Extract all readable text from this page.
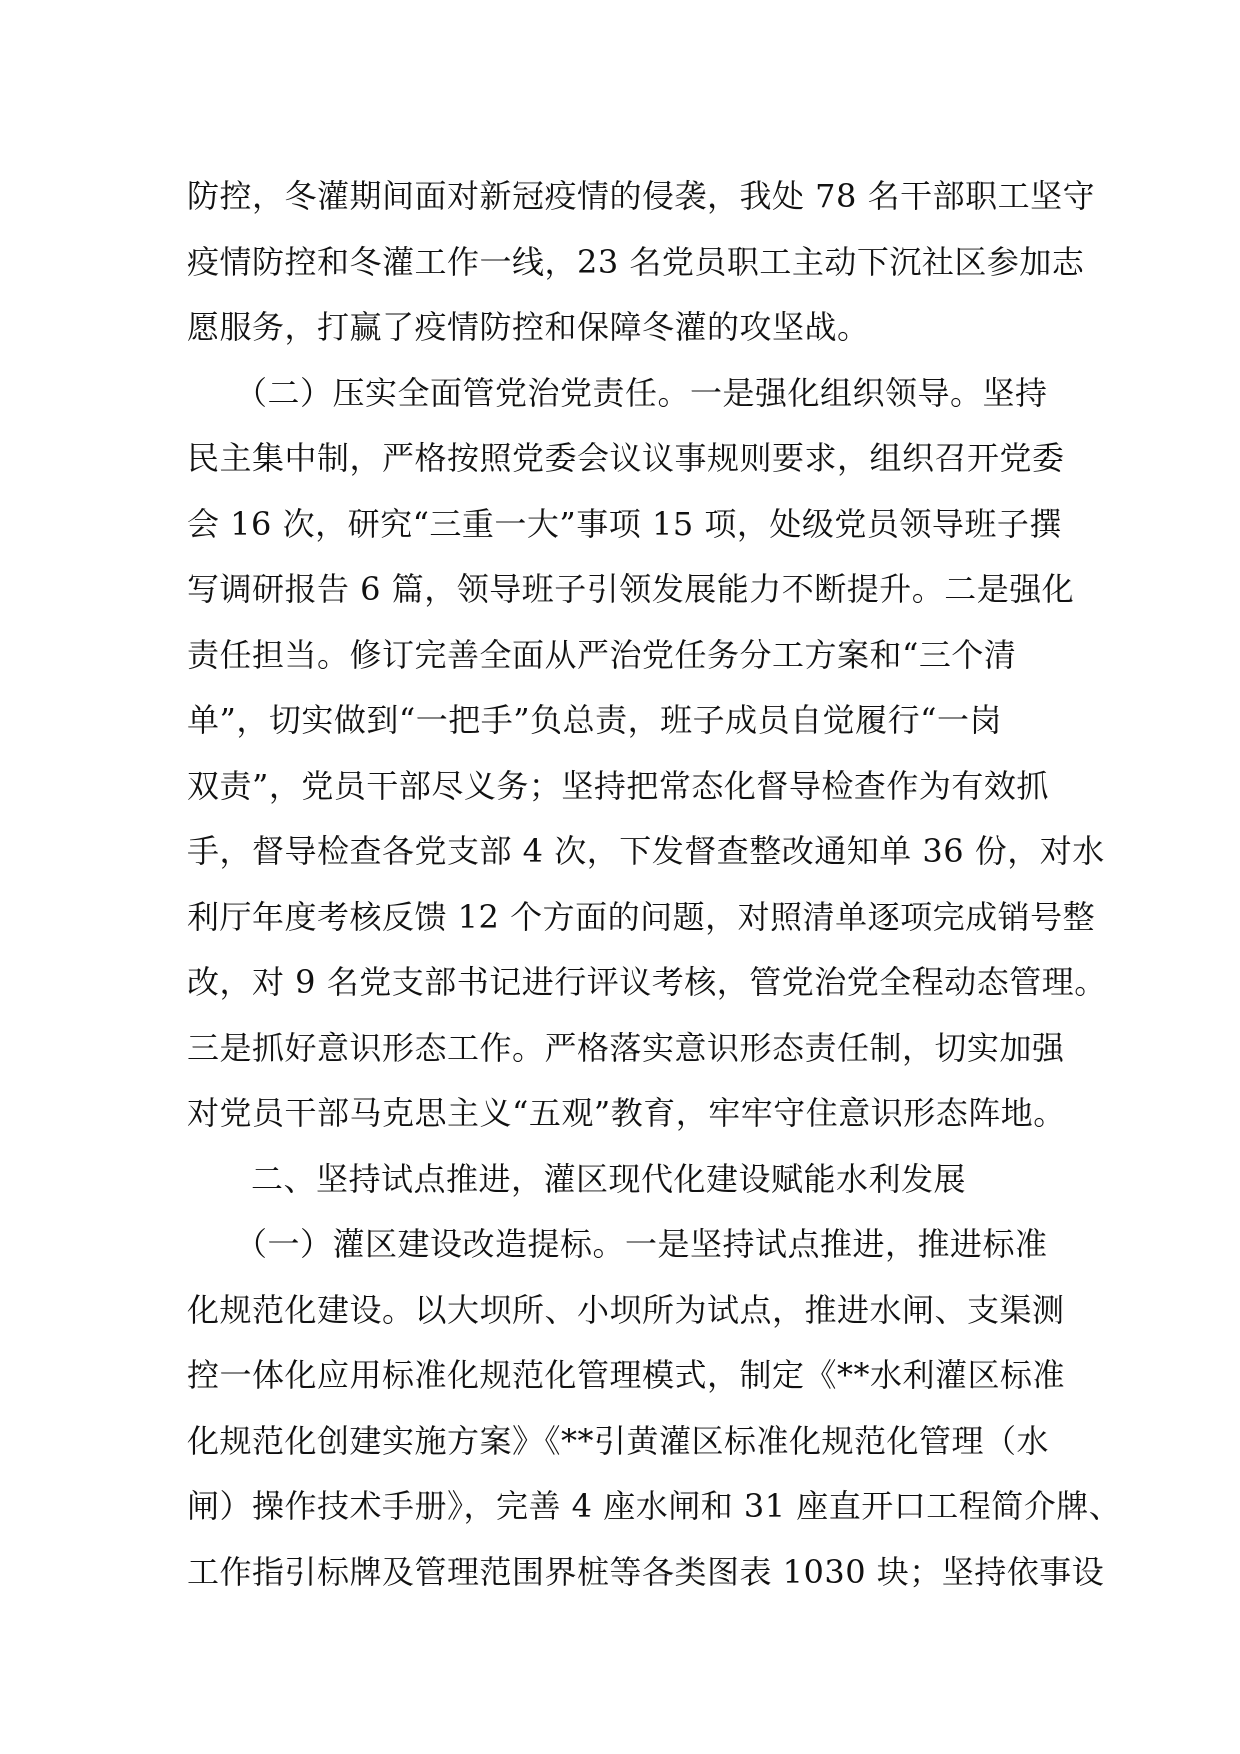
防控，冬灌期间面对新冠疫情的侵袭，我处 78 名干部职工坚守
疫情防控和冬灌工作一线，23 名党员职工主动下沉社区参加志
愿服务，打赢了疫情防控和保障冬灌的攻坚战。
（二）压实全面管党治党责任。一是强化组织领导。坚持
民主集中制，严格按照党委会议议事规则要求，组织召开党委
会 16 次，研究“三重一大”事项 15 项，处级党员领导班子撰
写调研报告 6 篇，领导班子引领发展能力不断提升。二是强化
责任担当。修订完善全面从严治党任务分工方案和“三个清
单”，切实做到“一把手”负总责，班子成员自觉履行“一岗
双责”，党员干部尽义务；坚持把常态化督导检查作为有效抓
手，督导检查各党支部 4 次，下发督查整改通知单 36 份，对水
利厅年度考核反馈 12 个方面的问题，对照清单逐项完成销号整
改，对 9 名党支部书记进行评议考核，管党治党全程动态管理。
三是抓好意识形态工作。严格落实意识形态责任制，切实加强
对党员干部马克思主义“五观”教育，牢牢守住意识形态阵地。
二、坚持试点推进，灌区现代化建设赋能水利发展
（一）灌区建设改造提标。一是坚持试点推进，推进标准
化规范化建设。以大坝所、小坝所为试点，推进水闸、支渠测
控一体化应用标准化规范化管理模式，制定《**水利灌区标准
化规范化创建实施方案》《**引黄灌区标准化规范化管理（水
闸）操作技术手册》，完善 4 座水闸和 31 座直开口工程简介牌、
工作指引标牌及管理范围界桩等各类图表 1030 块；坚持依事设
